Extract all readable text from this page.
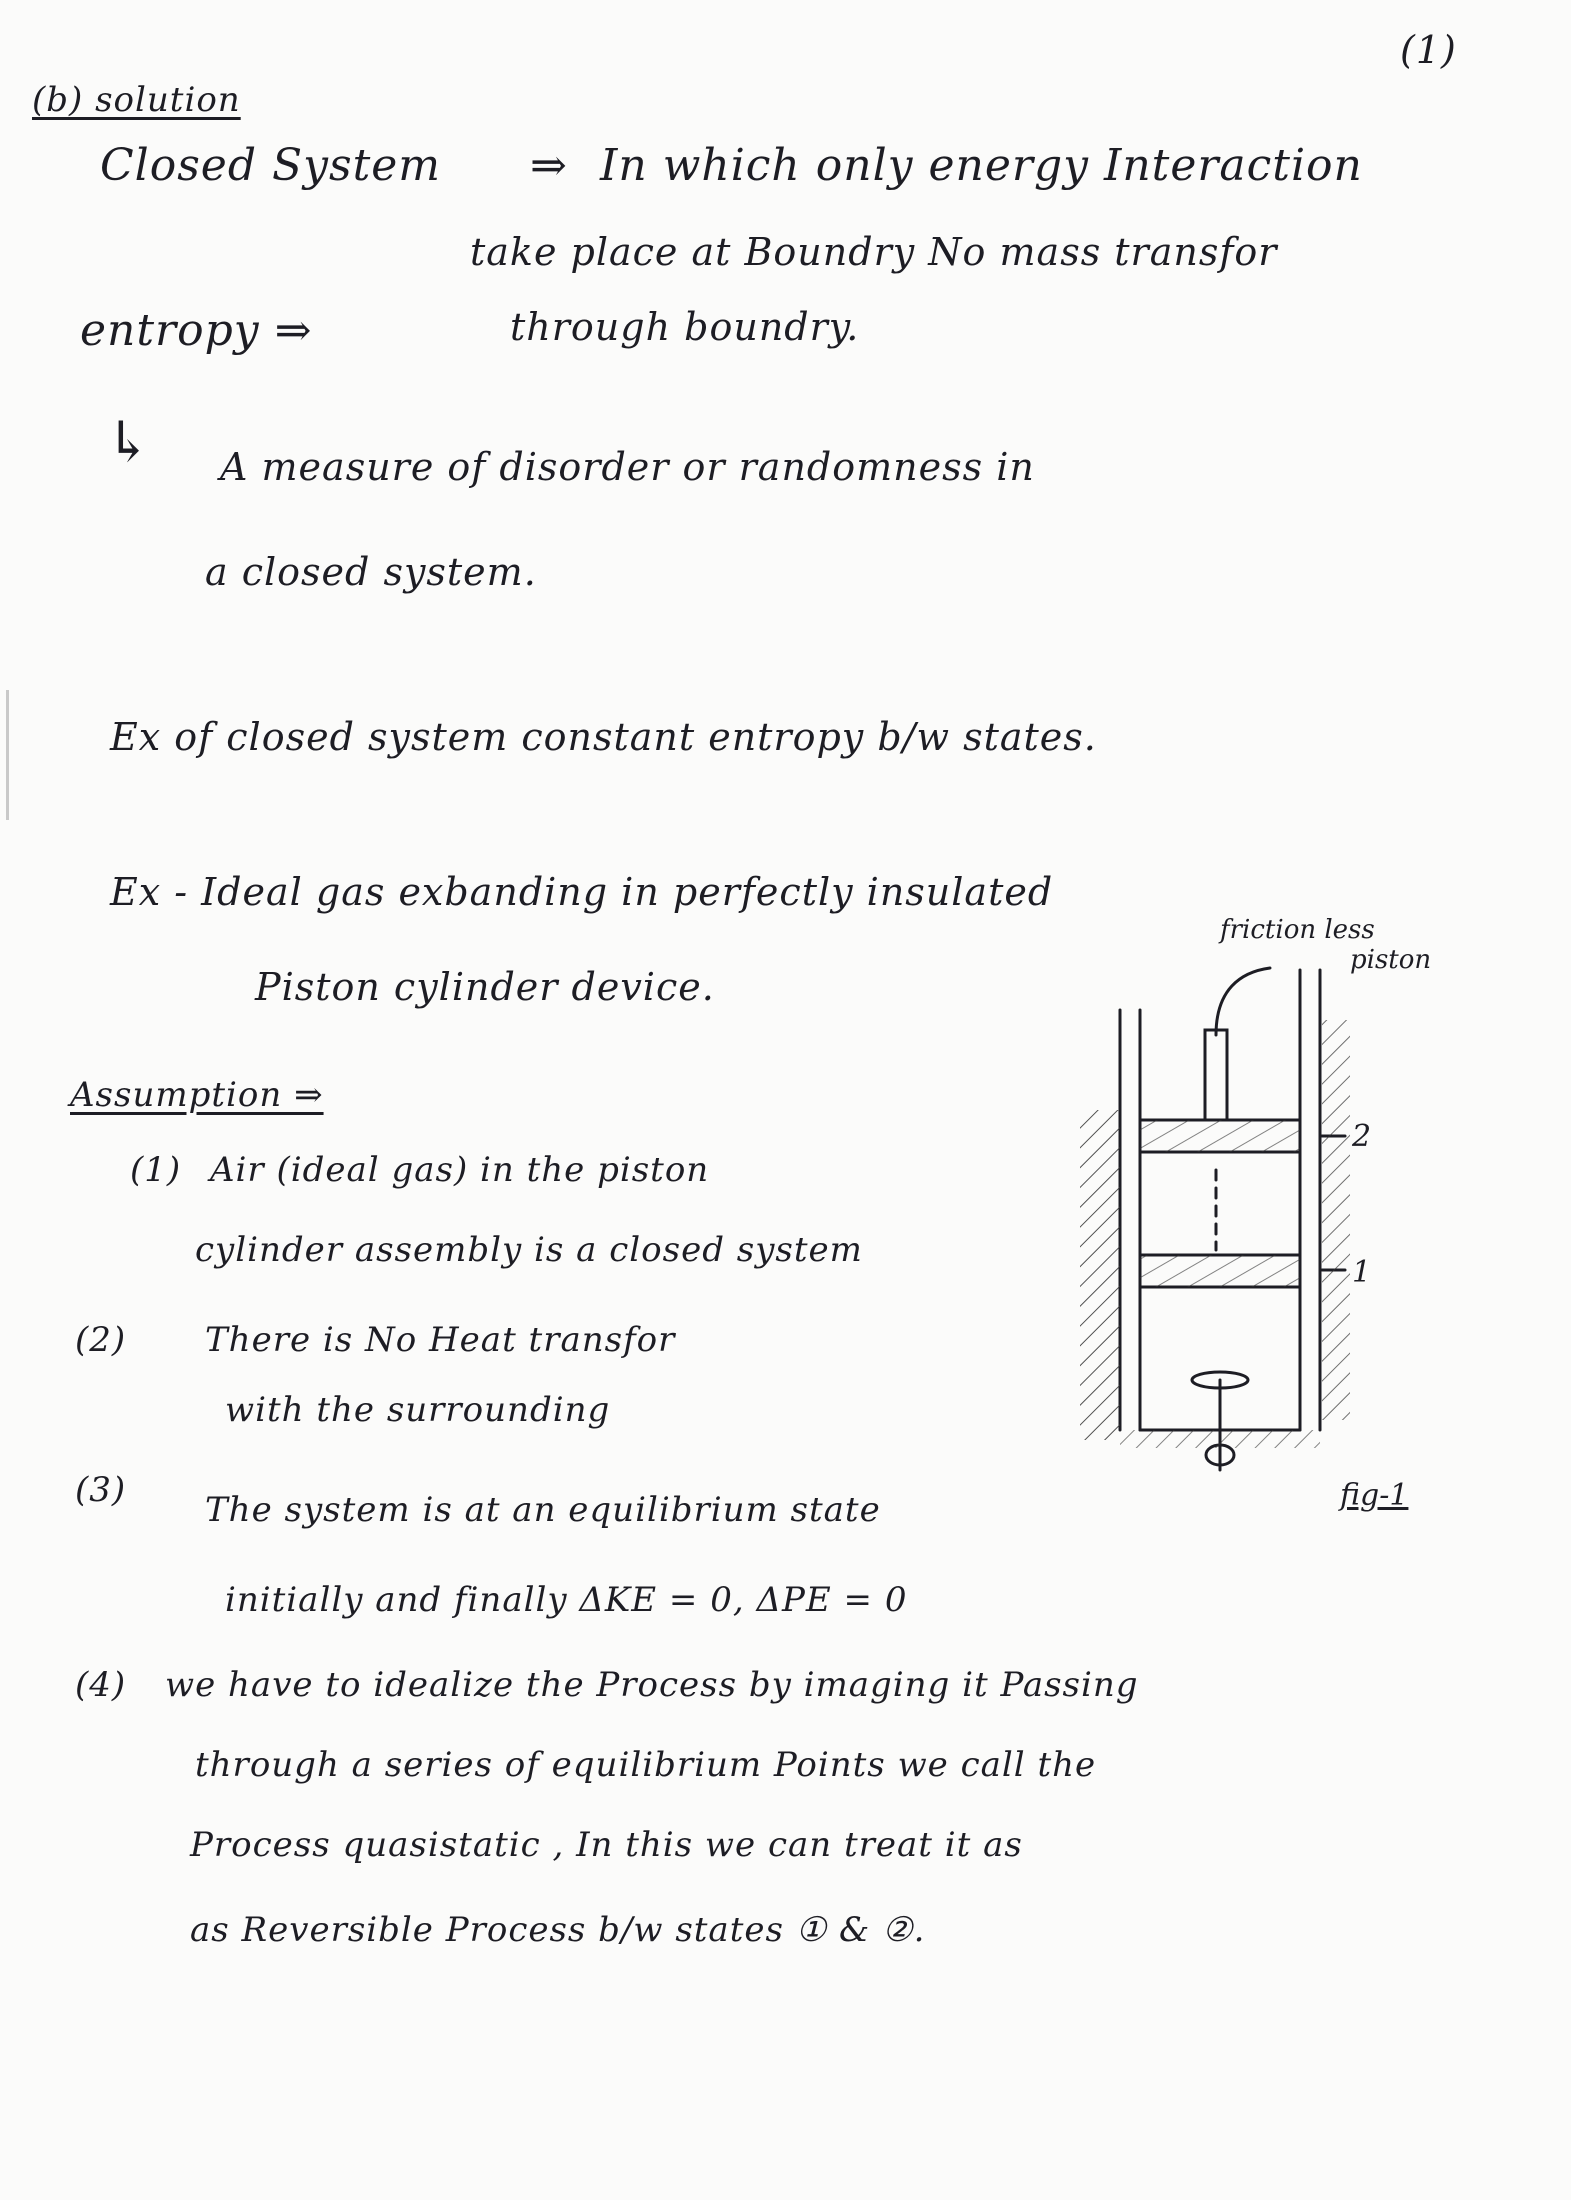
(1)
(b) solution
Closed System ⇒ In which only energy Interaction
take place at Boundry No mass transfor
through boundry.
entropy ⇒
↳ A measure of disorder or randomness in
a closed system.
Ex of closed system constant entropy b/w states.
Ex - Ideal gas exbanding in perfectly insulated
Piston cylinder device.
Assumption ⇒
(1) Air (ideal gas) in the piston
cylinder assembly is a closed system
(2) There is No Heat transfor
with the surrounding
(3) The system is at an equilibrium state
initially and finally ΔKE = 0, ΔPE = 0
(4) we have to idealize the Process by imaging it Passing
through a series of equilibrium Points we call the
Process quasistatic , In this we can treat it as
as Reversible Process b/w states ① & ②.
friction less
piston
2
1
fig-1
